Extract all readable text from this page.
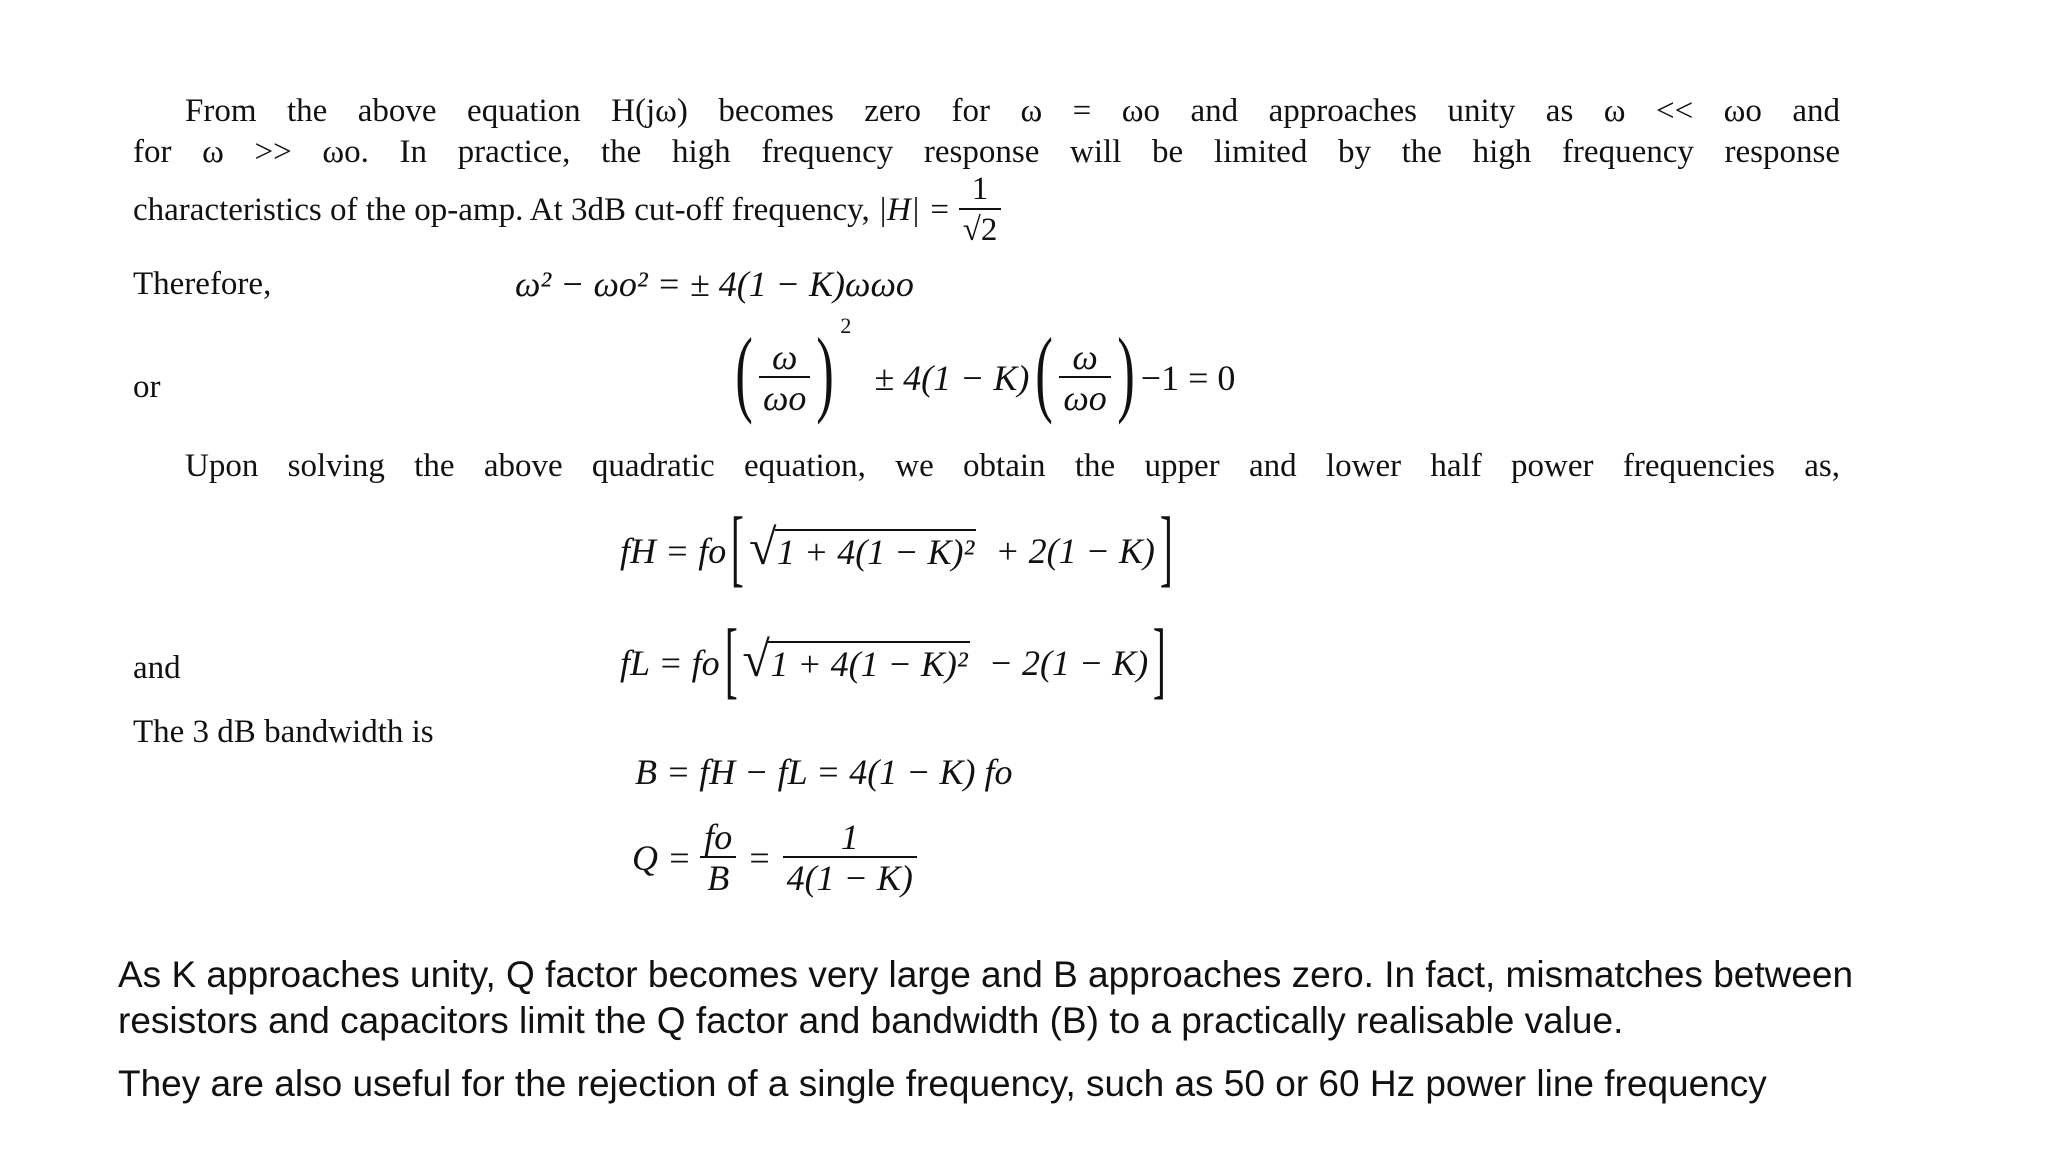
From the above equation H(jω) becomes zero for ω = ωo and approaches unity as ω << ωo and
for ω >> ωo. In practice, the high frequency response will be limited by the high frequency response
characteristics of the op-amp. At 3dB cut-off frequency, $|H| = \frac{1}{√2}$
Therefore,	ω² − ωo² = ± 4(1 − K)ωωo
or	( $\frac{\omega}{\omega o}$ ) $^2$ ± 4(1 − K) ( $\frac{\omega}{\omega o}$ ) −1 = 0
Upon solving the above quadratic equation, we obtain the upper and lower half power frequencies as,
fH = fo [ √ 1 + 4(1 − K)² + 2(1 − K) ]
and	fL = fo [ √ 1 + 4(1 − K)² − 2(1 − K) ]
The 3 dB bandwidth is
B = fH − fL = 4(1 − K) fo
$Q = \frac{fo}{B} = \frac{1}{4(1 - K)}$
As K approaches unity, Q factor becomes very large and B approaches zero. In fact, mismatches between
resistors and capacitors limit the Q factor and bandwidth (B) to a practically realisable value.
They are also useful for the rejection of a single frequency, such as 50 or 60 Hz power line frequency
